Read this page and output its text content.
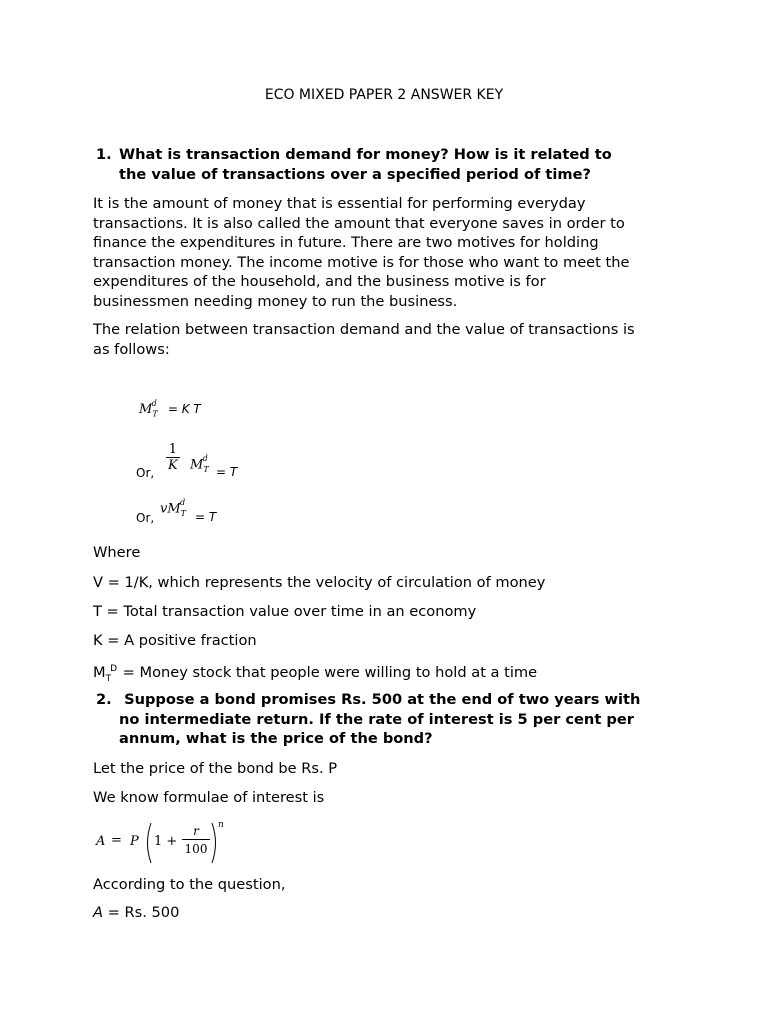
ECO MIXED PAPER 2 ANSWER KEY
1. What is transaction demand for money? How is it related to
the value of transactions over a specified period of time?
It is the amount of money that is essential for performing everyday
transactions. It is also called the amount that everyone saves in order to
finance the expenditures in future. There are two motives for holding
transaction money. The income motive is for those who want to meet the
expenditures of the household, and the business motive is for
businessmen needing money to run the business.
The relation between transaction demand and the value of transactions is
as follows:
$M_T^d = K$ T
Or, $\frac{1}{K} M_T^d$
= T
Or,
$vM_T^d$
= T
Where
V = 1/K, which represents the velocity of circulation of money
T = Total transaction value over time in an economy
K = A positive fraction
$M_T^D$ = Money stock that people were willing to hold at a time
2. Suppose a bond promises Rs. 500 at the end of two years with
no intermediate return. If the rate of interest is 5 per cent per
annum, what is the price of the bond?
Let the price of the bond be Rs. P
We know formulae of interest is
A = P $1 + \frac{r}{100}$ n
According to the question,
A = Rs. 500
